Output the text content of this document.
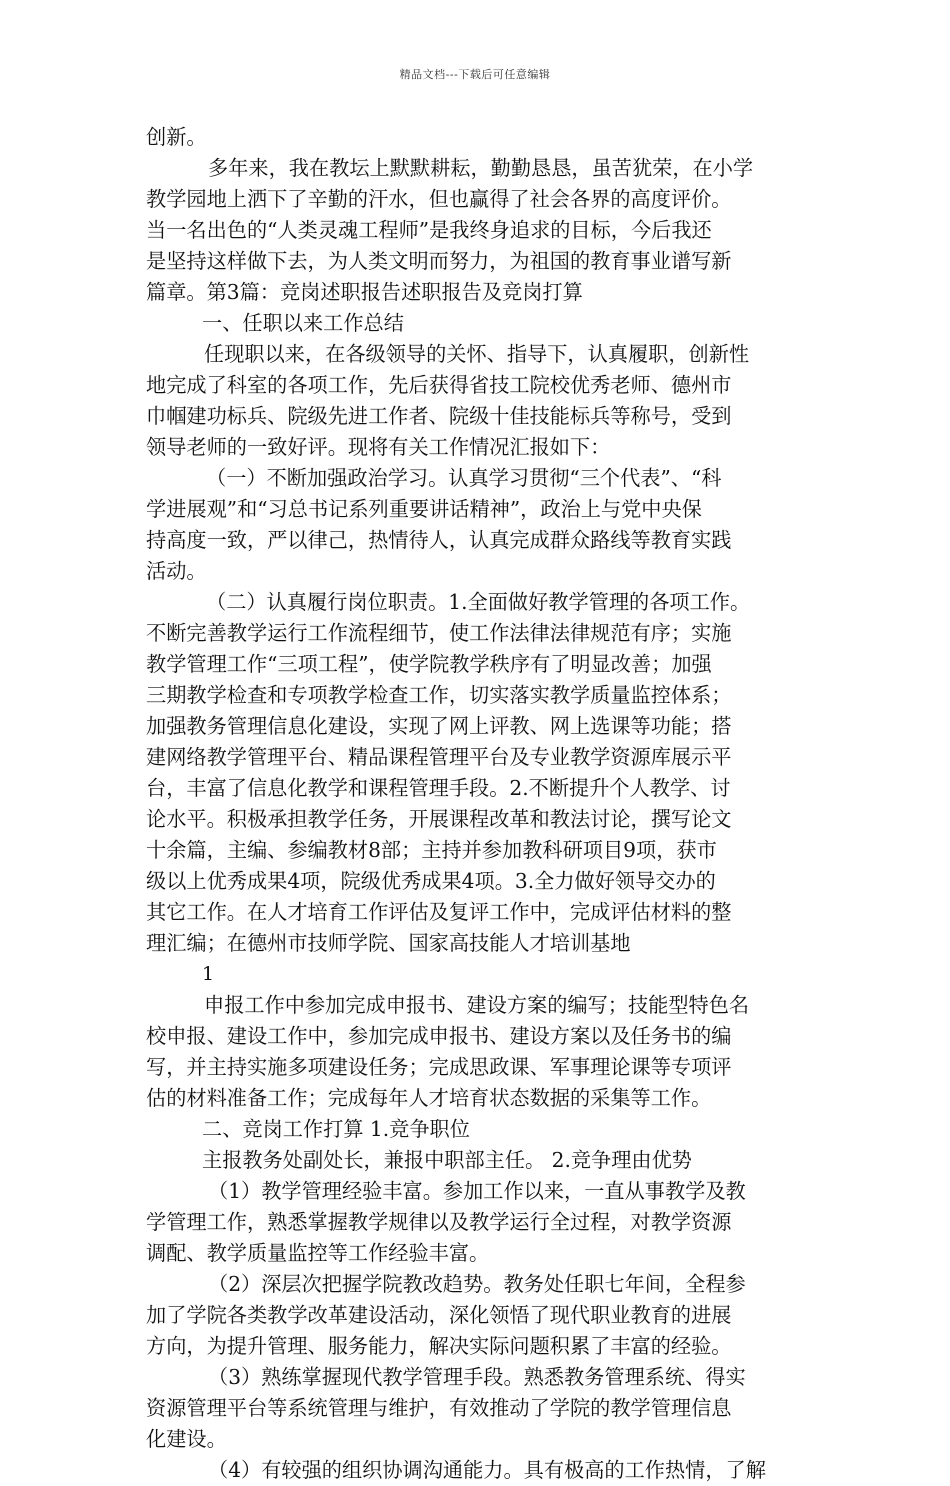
精品文档---下载后可任意编辑
创新。
多年来，我在教坛上默默耕耘，勤勤恳恳，虽苦犹荣，在小学
教学园地上洒下了辛勤的汗水，但也赢得了社会各界的高度评价。
当一名出色的“人类灵魂工程师”是我终身追求的目标，今后我还
是坚持这样做下去，为人类文明而努力，为祖国的教育事业谱写新
篇章。第3篇：竞岗述职报告述职报告及竞岗打算
一、任职以来工作总结
任现职以来，在各级领导的关怀、指导下，认真履职，创新性
地完成了科室的各项工作，先后获得省技工院校优秀老师、德州市
巾帼建功标兵、院级先进工作者、院级十佳技能标兵等称号，受到
领导老师的一致好评。现将有关工作情况汇报如下：
（一）不断加强政治学习。认真学习贯彻“三个代表”、“科
学进展观”和“习总书记系列重要讲话精神”，政治上与党中央保
持高度一致，严以律己，热情待人，认真完成群众路线等教育实践
活动。
（二）认真履行岗位职责。1.全面做好教学管理的各项工作。
不断完善教学运行工作流程细节，使工作法律法律规范有序；实施
教学管理工作“三项工程”，使学院教学秩序有了明显改善；加强
三期教学检查和专项教学检查工作，切实落实教学质量监控体系；
加强教务管理信息化建设，实现了网上评教、网上选课等功能；搭
建网络教学管理平台、精品课程管理平台及专业教学资源库展示平
台，丰富了信息化教学和课程管理手段。2.不断提升个人教学、讨
论水平。积极承担教学任务，开展课程改革和教法讨论，撰写论文
十余篇，主编、参编教材8部；主持并参加教科研项目9项，获市
级以上优秀成果4项，院级优秀成果4项。3.全力做好领导交办的
其它工作。在人才培育工作评估及复评工作中，完成评估材料的整
理汇编；在德州市技师学院、国家高技能人才培训基地
1
申报工作中参加完成申报书、建设方案的编写；技能型特色名
校申报、建设工作中，参加完成申报书、建设方案以及任务书的编
写，并主持实施多项建设任务；完成思政课、军事理论课等专项评
估的材料准备工作；完成每年人才培育状态数据的采集等工作。
二、竞岗工作打算 1.竞争职位
主报教务处副处长，兼报中职部主任。 2.竞争理由优势
（1）教学管理经验丰富。参加工作以来，一直从事教学及教
学管理工作，熟悉掌握教学规律以及教学运行全过程，对教学资源
调配、教学质量监控等工作经验丰富。
（2）深层次把握学院教改趋势。教务处任职七年间，全程参
加了学院各类教学改革建设活动，深化领悟了现代职业教育的进展
方向，为提升管理、服务能力，解决实际问题积累了丰富的经验。
（3）熟练掌握现代教学管理手段。熟悉教务管理系统、得实
资源管理平台等系统管理与维护，有效推动了学院的教学管理信息
化建设。
（4）有较强的组织协调沟通能力。具有极高的工作热情，了解
